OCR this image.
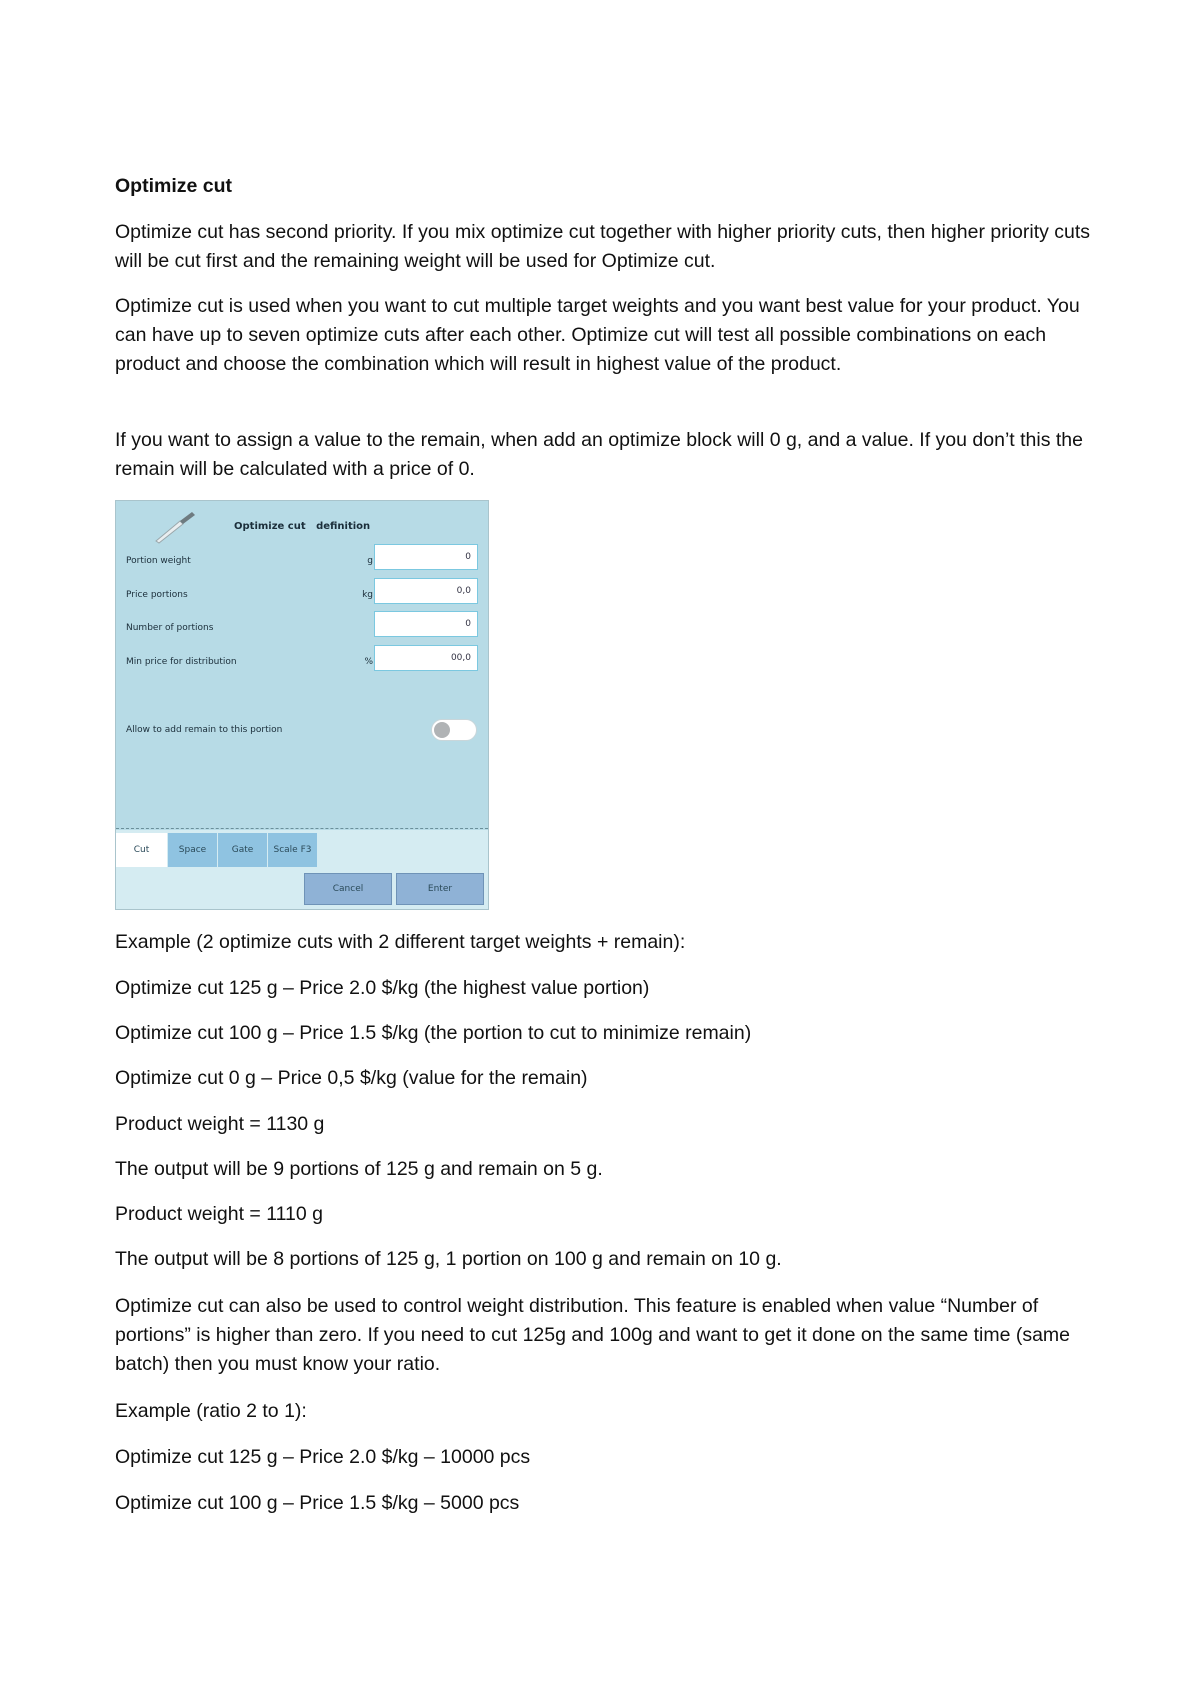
Optimize cut

Optimize cut has second priority. If you mix optimize cut together with higher priority cuts, then higher priority cuts will be cut first and the remaining weight will be used for Optimize cut.

Optimize cut is used when you want to cut multiple target weights and you want best value for your product. You can have up to seven optimize cuts after each other. Optimize cut will test all possible combinations on each product and choose the combination which will result in highest value of the product.

If you want to assign a value to the remain, when add an optimize block will 0 g, and a value. If you don’t this the remain will be calculated with a price of 0.

Optimize cut   definition
Portion weight	g	0
Price portions	kg	0,0
Number of portions	0
Min price for distribution	%	00,0
Allow to add remain to this portion
Cut	Space	Gate	Scale F3
Cancel	Enter

Example (2 optimize cuts with 2 different target weights + remain):

Optimize cut 125 g – Price 2.0 $/kg (the highest value portion)

Optimize cut 100 g – Price 1.5 $/kg (the portion to cut to minimize remain)

Optimize cut 0 g – Price 0,5 $/kg (value for the remain)

Product weight = 1130 g

The output will be 9 portions of 125 g and remain on 5 g.

Product weight = 1110 g

The output will be 8 portions of 125 g, 1 portion on 100 g and remain on 10 g.

Optimize cut can also be used to control weight distribution. This feature is enabled when value “Number of portions” is higher than zero. If you need to cut 125g and 100g and want to get it done on the same time (same batch) then you must know your ratio.

Example (ratio 2 to 1):

Optimize cut 125 g – Price 2.0 $/kg – 10000 pcs

Optimize cut 100 g – Price 1.5 $/kg – 5000 pcs
